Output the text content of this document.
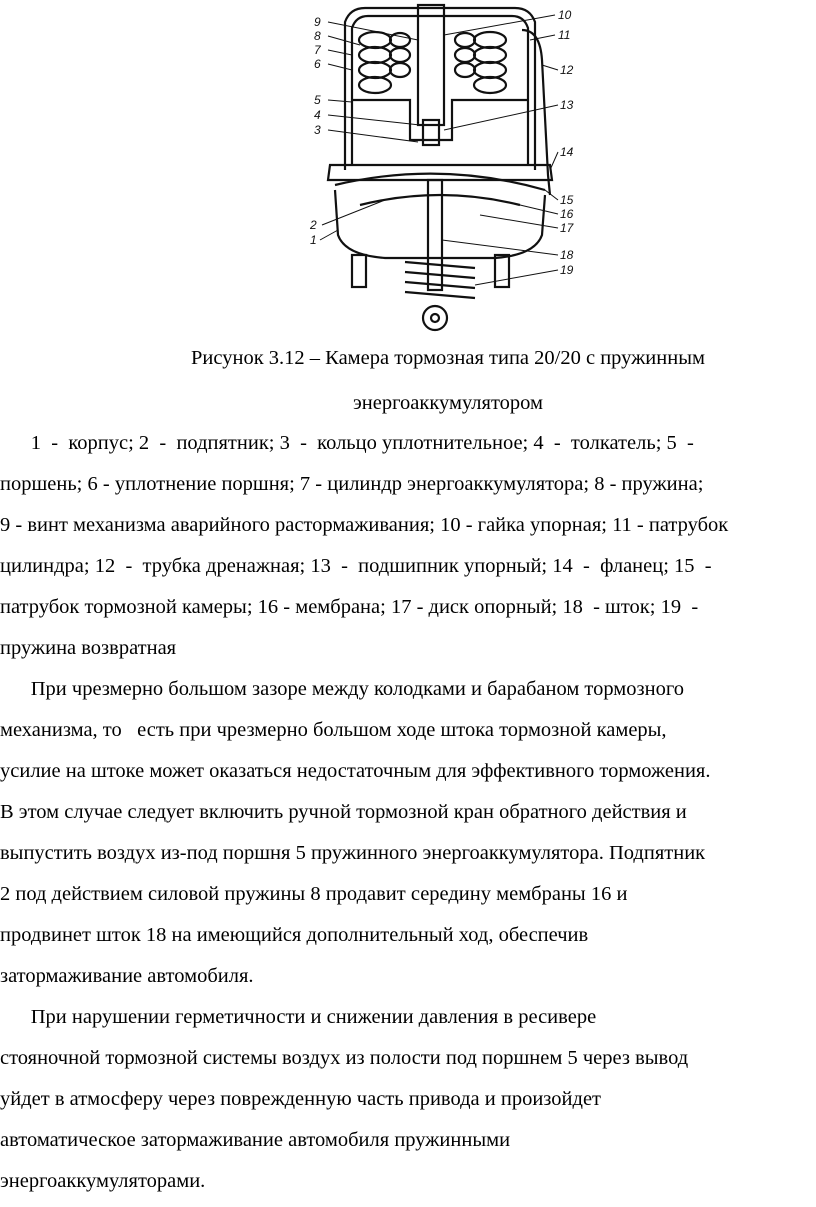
9
8
7
6
5
4
3
2
1
10
11
12
13
14
15
16
17
18
19
Рисунок 3.12 – Камера тормозная типа 20/20 с пружинным
энергоаккумулятором
1  -  корпус; 2  -  подпятник; 3  -  кольцо уплотнительное; 4  -  толкатель; 5  -
поршень; 6 - уплотнение поршня; 7 - цилиндр энергоаккумулятора; 8 - пружина;
9 - винт механизма аварийного растормаживания; 10 - гайка упорная; 11 - патрубок
цилиндра; 12  -  трубка дренажная; 13  -  подшипник упорный; 14  -  фланец; 15  -
патрубок тормозной камеры; 16 - мембрана; 17 - диск опорный; 18  - шток; 19  -
пружина возвратная
При чрезмерно большом зазоре между колодками и барабаном тормозного
механизма, то   есть при чрезмерно большом ходе штока тормозной камеры,
усилие на штоке может оказаться недостаточным для эффективного торможения.
В этом случае следует включить ручной тормозной кран обратного действия и
выпустить воздух из-под поршня 5 пружинного энергоаккумулятора. Подпятник
2 под действием силовой пружины 8 продавит середину мембраны 16 и
продвинет шток 18 на имеющийся дополнительный ход, обеспечив
затормаживание автомобиля.
При нарушении герметичности и снижении давления в ресивере
стояночной тормозной системы воздух из полости под поршнем 5 через вывод
уйдет в атмосферу через поврежденную часть привода и произойдет
автоматическое затормаживание автомобиля пружинными
энергоаккумуляторами.
